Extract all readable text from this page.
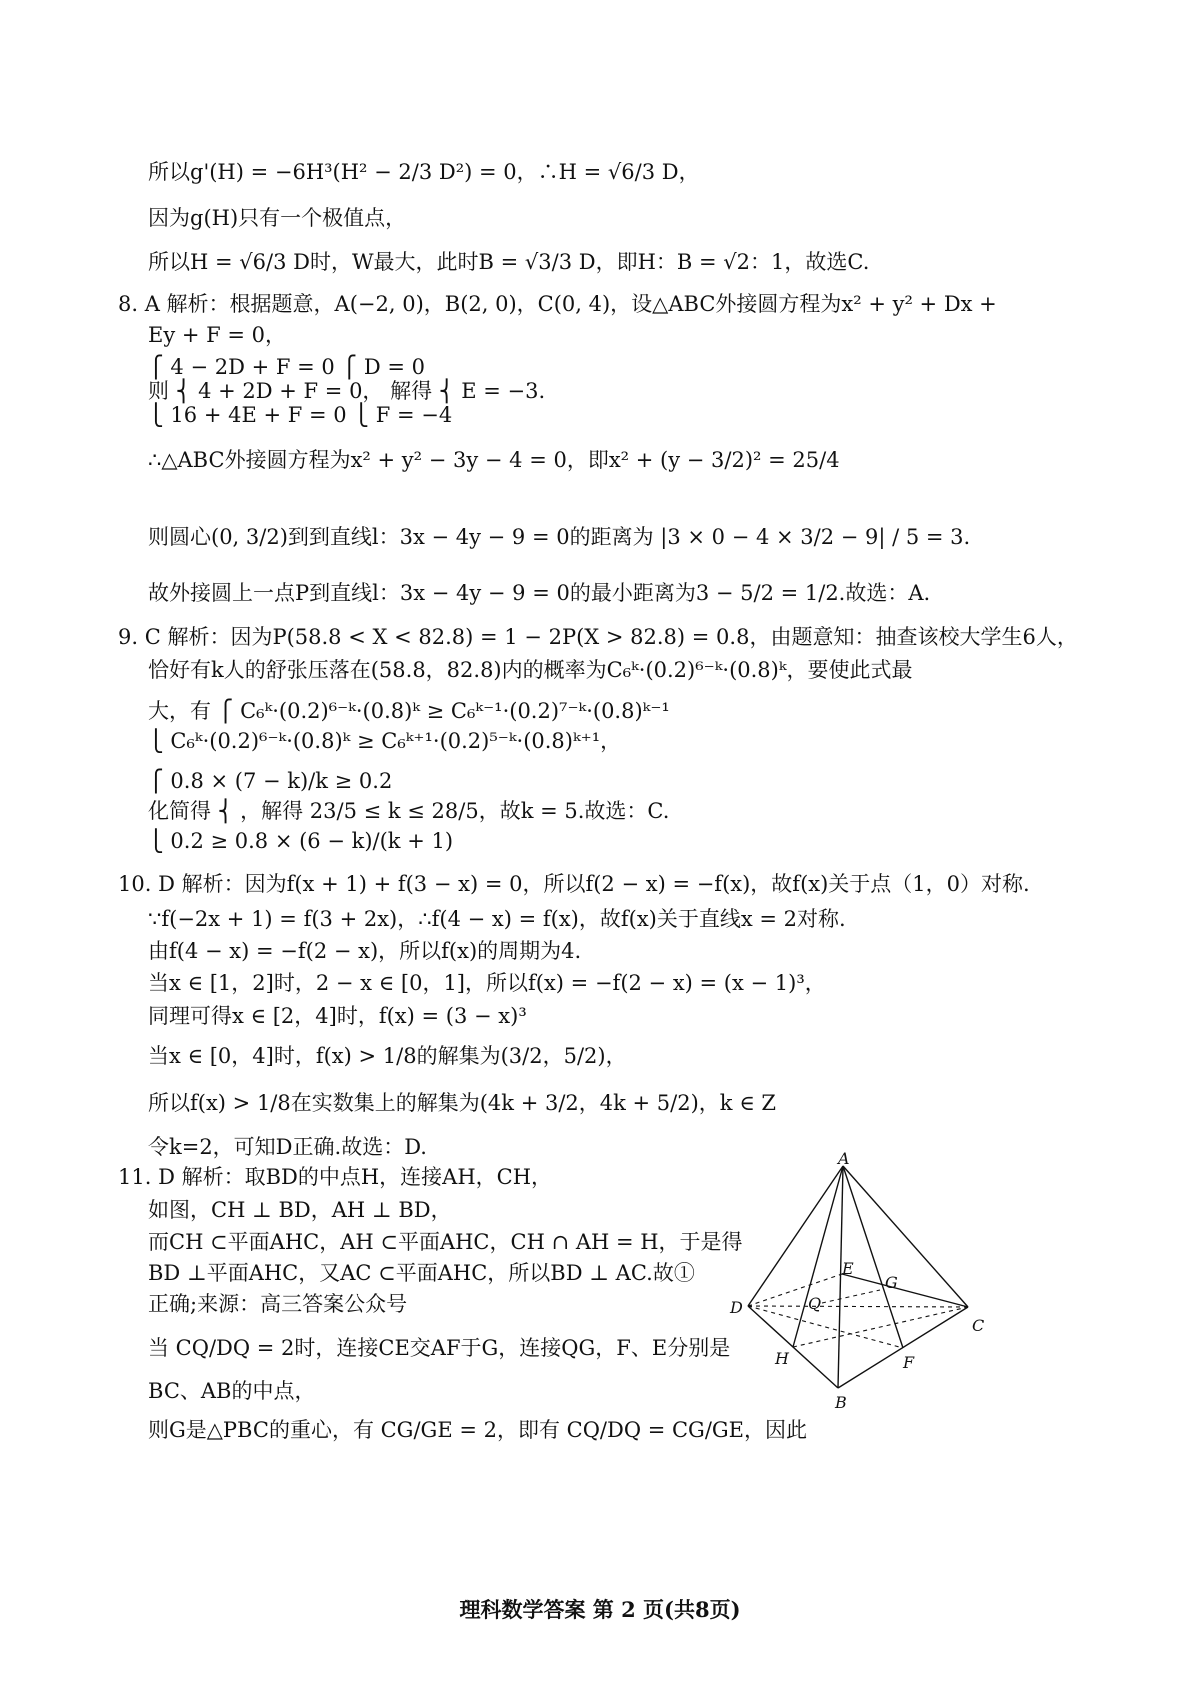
所以g'(H) = −6H³(H² − 2/3 D²) = 0，∴H = √6/3 D，
因为g(H)只有一个极值点，
所以H = √6/3 D时，W最大，此时B = √3/3 D，即H：B = √2：1，故选C.
8. A 解析：根据题意，A(−2, 0)，B(2, 0)，C(0, 4)，设△ABC外接圆方程为x² + y² + Dx +
Ey + F = 0，
⎧ 4 − 2D + F = 0 ⎧ D = 0
则 ⎨ 4 + 2D + F = 0， 解得 ⎨ E = −3.
⎩ 16 + 4E + F = 0 ⎩ F = −4
∴△ABC外接圆方程为x² + y² − 3y − 4 = 0，即x² + (y − 3/2)² = 25/4
则圆心(0, 3/2)到到直线l：3x − 4y − 9 = 0的距离为 |3 × 0 − 4 × 3/2 − 9| / 5 = 3.
故外接圆上一点P到直线l：3x − 4y − 9 = 0的最小距离为3 − 5/2 = 1/2.故选：A.
9. C 解析：因为P(58.8 < X < 82.8) = 1 − 2P(X > 82.8) = 0.8，由题意知：抽查该校大学生6人，
恰好有k人的舒张压落在(58.8，82.8)内的概率为C₆ᵏ·(0.2)⁶⁻ᵏ·(0.8)ᵏ，要使此式最
大，有 ⎧ C₆ᵏ·(0.2)⁶⁻ᵏ·(0.8)ᵏ ≥ C₆ᵏ⁻¹·(0.2)⁷⁻ᵏ·(0.8)ᵏ⁻¹
⎩ C₆ᵏ·(0.2)⁶⁻ᵏ·(0.8)ᵏ ≥ C₆ᵏ⁺¹·(0.2)⁵⁻ᵏ·(0.8)ᵏ⁺¹，
⎧ 0.8 × (7 − k)/k ≥ 0.2
化简得 ⎨ ，解得 23/5 ≤ k ≤ 28/5，故k = 5.故选：C.
⎩ 0.2 ≥ 0.8 × (6 − k)/(k + 1)
10. D 解析：因为f(x + 1) + f(3 − x) = 0，所以f(2 − x) = −f(x)，故f(x)关于点（1，0）对称.
∵f(−2x + 1) = f(3 + 2x)，∴f(4 − x) = f(x)，故f(x)关于直线x = 2对称.
由f(4 − x) = −f(2 − x)，所以f(x)的周期为4.
当x ∈ [1，2]时，2 − x ∈ [0，1]，所以f(x) = −f(2 − x) = (x − 1)³，
同理可得x ∈ [2，4]时，f(x) = (3 − x)³
当x ∈ [0，4]时，f(x) > 1/8的解集为(3/2，5/2)，
所以f(x) > 1/8在实数集上的解集为(4k + 3/2，4k + 5/2)，k ∈ Z
令k=2，可知D正确.故选：D.
11. D 解析：取BD的中点H，连接AH，CH，
如图，CH ⊥ BD，AH ⊥ BD，
而CH ⊂平面AHC，AH ⊂平面AHC，CH ∩ AH = H，于是得
BD ⊥平面AHC，又AC ⊂平面AHC，所以BD ⊥ AC.故①
正确;来源：高三答案公众号
当 CQ/DQ = 2时，连接CE交AF于G，连接QG，F、E分别是
BC、AB的中点，
则G是△PBC的重心，有 CG/GE = 2，即有 CQ/DQ = CG/GE，因此
A
B
C
D
E
F
G
H
Q
理科数学答案 第 2 页(共8页)
